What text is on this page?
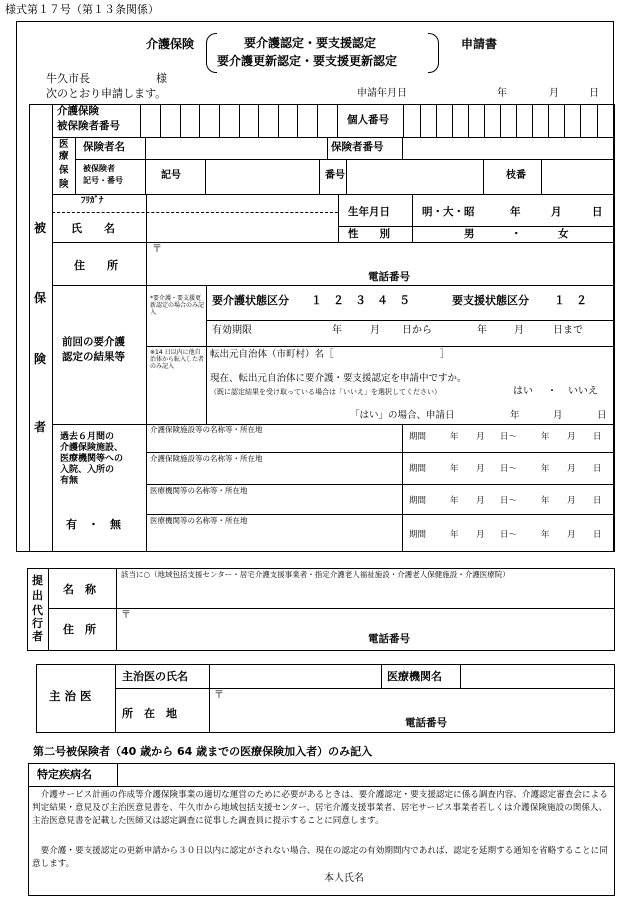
様式第１７号（第１３条関係）
介護保険	要介護認定・要支援認定
要介護更新認定・要支援更新認定
申請書
牛久市長	様
次のとおり申請します。	申請年月日	年	月	日
被
保
険
者
介護保険
被保険者番号	個人番号
医
療
保
険
保険者名	保険者番号
被保険者
記号・番号	記号	番号	枝番
ﾌﾘｶﾞﾅ
氏　　名
生年月日	明・大・昭	年	月	日
性　　別	男	・	女
住　　所
〒
電話番号
前回の要介護
認定の結果等
*要介護・要支援更新認定の場合のみ記入
要介護状態区分 １　２　３　４　５	要支援状態区分 １　２
有効期限	年	月 日から	年	月	日まで
※14 日以内に他自治体から転入した者のみ記入
転出元自治体（市町村）名［	］
現在、転出元自治体に要介護・要支援認定を申請中ですか。
（既に認定結果を受け取っている場合は「いいえ」を選択してください）	はい ・ いいえ
「はい」の場合、申請日	年	月	日
過去６月間の
介護保険施設、
医療機関等への
入院、入所の
有無
有　・　無
介護保険施設等の名称等・所在地
期間	年 月 日～	年 月 日
介護保険施設等の名称等・所在地
期間	年 月 日～	年 月 日
医療機関等の名称等・所在地
期間	年 月 日～	年 月 日
医療機関等の名称等・所在地
期間	年 月 日～	年 月 日
提
出
代
行
者
名　称
該当に○（地域包括支援センター・居宅介護支援事業者・指定介護老人福祉施設・介護老人保健施設・介護医療院）
住　所
〒
電話番号
主 治 医
主治医の氏名	医療機関名
所　在　地
〒
電話番号
第二号被保険者（40 歳から 64 歳までの医療保険加入者）のみ記入
特定疾病名
　介護サービス計画の作成等介護保険事業の適切な運営のために必要があるときは、要介護認定・要支援認定に係る調査内容、介護認定審査会による判定結果・意見及び主治医意見書を、牛久市から地域包括支援センター、居宅介護支援事業者、居宅サービス事業者若しくは介護保険施設の関係人、主治医意見書を記載した医師又は認定調査に従事した調査員に提示することに同意します。
　要介護・要支援認定の更新申請から３０日以内に認定がされない場合、現在の認定の有効期間内であれば、認定を延期する通知を省略することに同意します。
本人氏名
